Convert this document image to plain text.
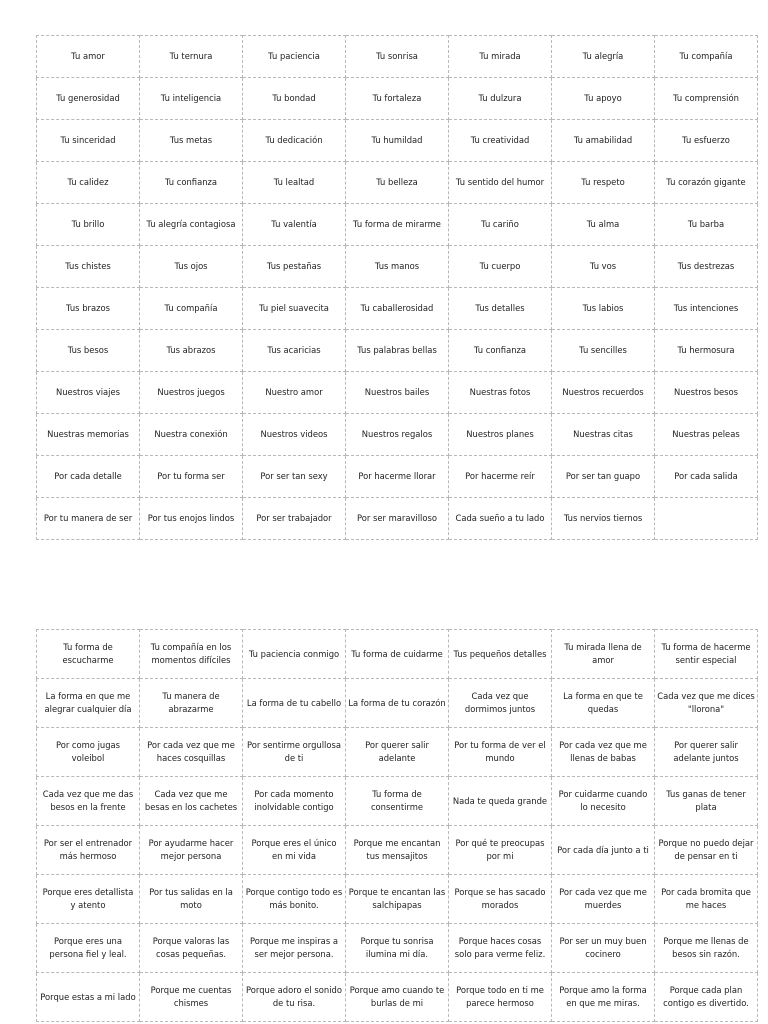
Tu amor	Tu ternura	Tu paciencia	Tu sonrisa	Tu mirada	Tu alegría	Tu compañía
Tu generosidad	Tu inteligencia	Tu bondad	Tu fortaleza	Tu dulzura	Tu apoyo	Tu comprensión
Tu sinceridad	Tus metas	Tu dedicación	Tu humildad	Tu creatividad	Tu amabilidad	Tu esfuerzo
Tu calidez	Tu confianza	Tu lealtad	Tu belleza	Tu sentido del humor	Tu respeto	Tu corazón gigante
Tu brillo	Tu alegría contagiosa	Tu valentía	Tu forma de mirarme	Tu cariño	Tu alma	Tu barba
Tus chistes	Tus ojos	Tus pestañas	Tus manos	Tu cuerpo	Tu vos	Tus destrezas
Tus brazos	Tu compañía	Tu piel suavecita	Tu caballerosidad	Tus detalles	Tus labios	Tus intenciones
Tus besos	Tus abrazos	Tus acaricias	Tus palabras bellas	Tu confianza	Tu sencilles	Tu hermosura
Nuestros viajes	Nuestros juegos	Nuestro amor	Nuestros bailes	Nuestras fotos	Nuestros recuerdos	Nuestros besos
Nuestras memorias	Nuestra conexión	Nuestros videos	Nuestros regalos	Nuestros planes	Nuestras citas	Nuestras peleas
Por cada detalle	Por tu forma ser	Por ser tan sexy	Por hacerme llorar	Por hacerme reír	Por ser tan guapo	Por cada salida
Por tu manera de ser	Por tus enojos lindos	Por ser trabajador	Por ser maravilloso	Cada sueño a tu lado	Tus nervios tiernos	
Tu forma de escucharme	Tu compañía en los momentos difíciles	Tu paciencia conmigo	Tu forma de cuidarme	Tus pequeños detalles	Tu mirada llena de amor	Tu forma de hacerme sentir especial
La forma en que me alegrar cualquier día	Tu manera de abrazarme	La forma de tu cabello	La forma de tu corazón	Cada vez que dormimos juntos	La forma en que te quedas	Cada vez que me dices "llorona"
Por como jugas voleibol	Por cada vez que me haces cosquillas	Por sentirme orgullosa de ti	Por querer salir adelante	Por tu forma de ver el mundo	Por cada vez que me llenas de babas	Por querer salir adelante juntos
Cada vez que me das besos en la frente	Cada vez que me besas en los cachetes	Por cada momento inolvidable contigo	Tu forma de consentirme	Nada te queda grande	Por cuidarme cuando lo necesito	Tus ganas de tener plata
Por ser el entrenador más hermoso	Por ayudarme hacer mejor persona	Porque eres el único en mi vida	Porque me encantan tus mensajitos	Por qué te preocupas por mi	Por cada día junto a ti	Porque no puedo dejar de pensar en ti
Porque eres detallista y atento	Por tus salidas en la moto	Porque contigo todo es más bonito.	Porque te encantan las salchipapas	Porque se has sacado morados	Por cada vez que me muerdes	Por cada bromita que me haces
Porque eres una persona fiel y leal.	Porque valoras las cosas pequeñas.	Porque me inspiras a ser mejor persona.	Porque tu sonrisa ilumina mi día.	Porque haces cosas solo para verme feliz.	Por ser un muy buen cocinero	Porque me llenas de besos sin razón.
Porque estas a mi lado	Porque me cuentas chismes	Porque adoro el sonido de tu risa.	Porque amo cuando te burlas de mi	Porque todo en ti me parece hermoso	Porque amo la forma en que me miras.	Porque cada plan contigo es divertido.
